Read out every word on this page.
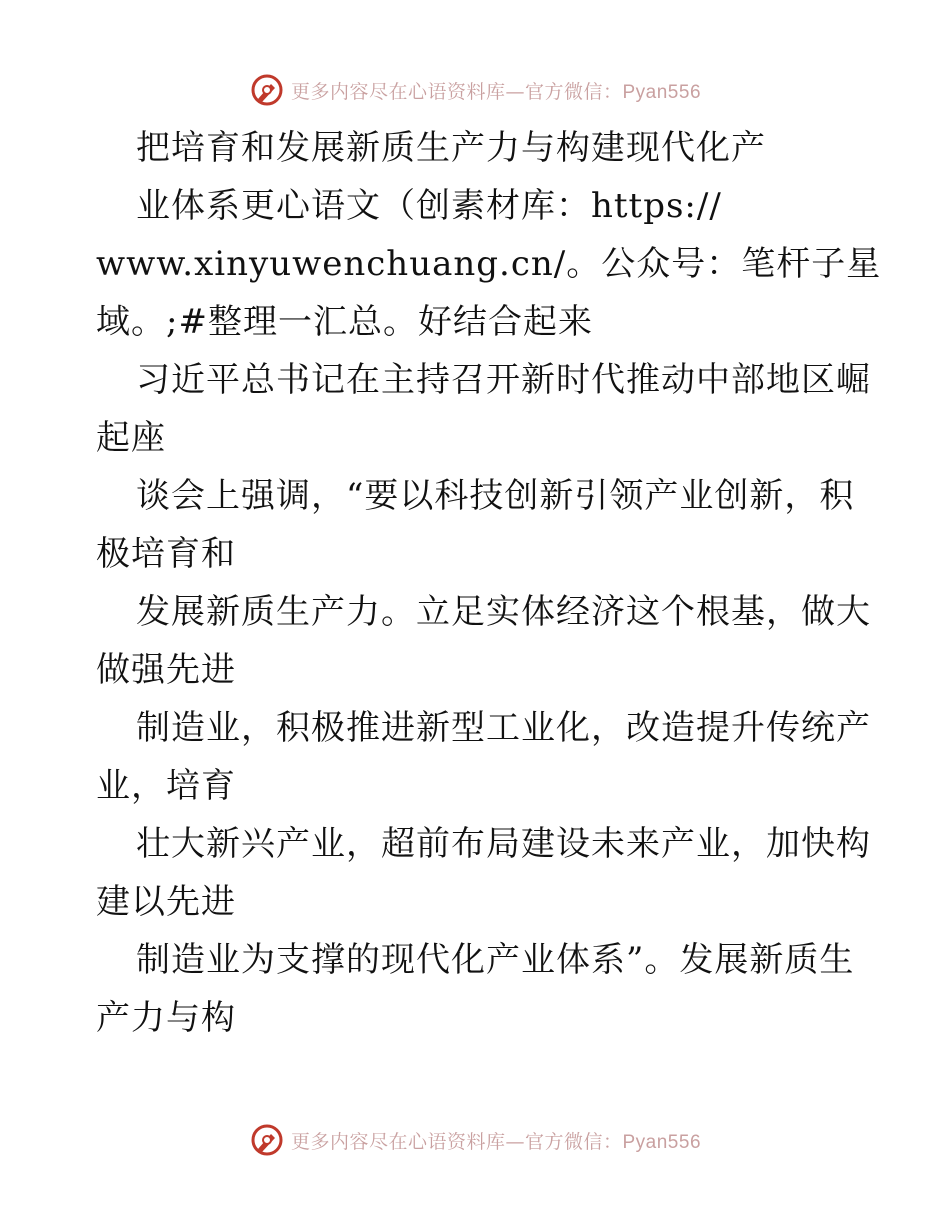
更多内容尽在心语资料库—官方微信：Pyan556
把培育和发展新质生产力与构建现代化产
业体系更心语文（创素材库：https://
www.xinyuwenchuang.cn/。公众号：笔杆子星
域。;#整理一汇总。好结合起来
习近平总书记在主持召开新时代推动中部地区崛
起座
谈会上强调，“要以科技创新引领产业创新，积
极培育和
发展新质生产力。立足实体经济这个根基，做大
做强先进
制造业，积极推进新型工业化，改造提升传统产
业，培育
壮大新兴产业，超前布局建设未来产业，加快构
建以先进
制造业为支撑的现代化产业体系”。发展新质生
产力与构
更多内容尽在心语资料库—官方微信：Pyan556
